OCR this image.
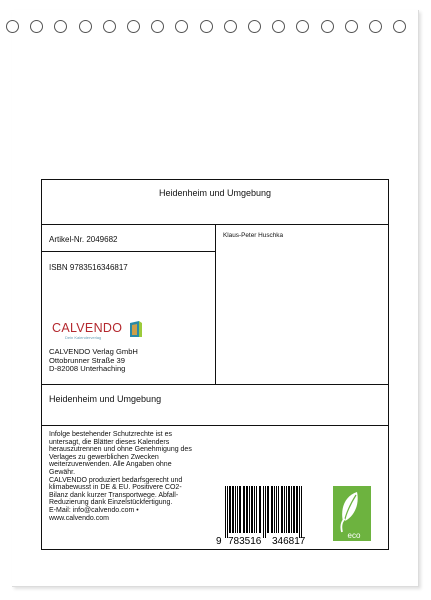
Heidenheim und Umgebung
Artikel-Nr. 2049682
ISBN 9783516346817
CALVENDO
Dein Kalenderverlag
CALVENDO Verlag GmbH
Ottobrunner Straße 39
D-82008 Unterhaching
Klaus-Peter Huschka
Heidenheim und Umgebung
Infolge bestehender Schutzrechte ist es
untersagt, die Blätter dieses Kalenders
herauszutrennen und ohne Genehmigung des
Verlages zu gewerblichen Zwecken
weiterzuverwenden. Alle Angaben ohne
Gewähr.
CALVENDO produziert bedarfsgerecht und
klimabewusst in DE & EU. Positivere CO2-
Bilanz dank kurzer Transportwege. Abfall-
Reduzierung dank Einzelstückfertigung.
E-Mail: info@calvendo.com •
www.calvendo.com
9 783516 346817
eco
